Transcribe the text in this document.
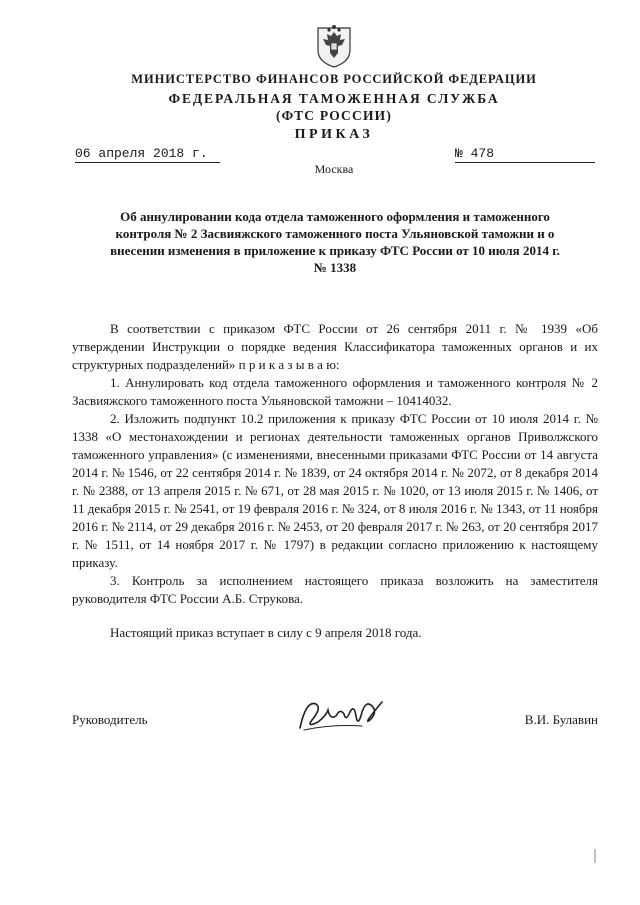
МИНИСТЕРСТВО ФИНАНСОВ РОССИЙСКОЙ ФЕДЕРАЦИИ
ФЕДЕРАЛЬНАЯ ТАМОЖЕННАЯ СЛУЖБА
(ФТС РОССИИ)
ПРИКАЗ
06 апреля 2018 г.	№ 478
Москва
Об аннулировании кода отдела таможенного оформления и таможенного контроля № 2 Засвияжского таможенного поста Ульяновской таможни и о внесении изменения в приложение к приказу ФТС России от 10 июля 2014 г. № 1338

В соответствии с приказом ФТС России от 26 сентября 2011 г. № 1939 «Об утверждении Инструкции о порядке ведения Классификатора таможенных органов и их структурных подразделений» п р и к а з ы в а ю:

1. Аннулировать код отдела таможенного оформления и таможенного контроля № 2 Засвияжского таможенного поста Ульяновской таможни – 10414032.

2. Изложить подпункт 10.2 приложения к приказу ФТС России от 10 июля 2014 г. № 1338 «О местонахождении и регионах деятельности таможенных органов Приволжского таможенного управления» (с изменениями, внесенными приказами ФТС России от 14 августа 2014 г. № 1546, от 22 сентября 2014 г. № 1839, от 24 октября 2014 г. № 2072, от 8 декабря 2014 г. № 2388, от 13 апреля 2015 г. № 671, от 28 мая 2015 г. № 1020, от 13 июля 2015 г. № 1406, от 11 декабря 2015 г. № 2541, от 19 февраля 2016 г. № 324, от 8 июля 2016 г. № 1343, от 11 ноября 2016 г. № 2114, от 29 декабря 2016 г. № 2453, от 20 февраля 2017 г. № 263, от 20 сентября 2017 г. № 1511, от 14 ноября 2017 г. № 1797) в редакции согласно приложению к настоящему приказу.

3. Контроль за исполнением настоящего приказа возложить на заместителя руководителя ФТС России А.Б. Струкова.

Настоящий приказ вступает в силу с 9 апреля 2018 года.

Руководитель	В.И. Булавин
